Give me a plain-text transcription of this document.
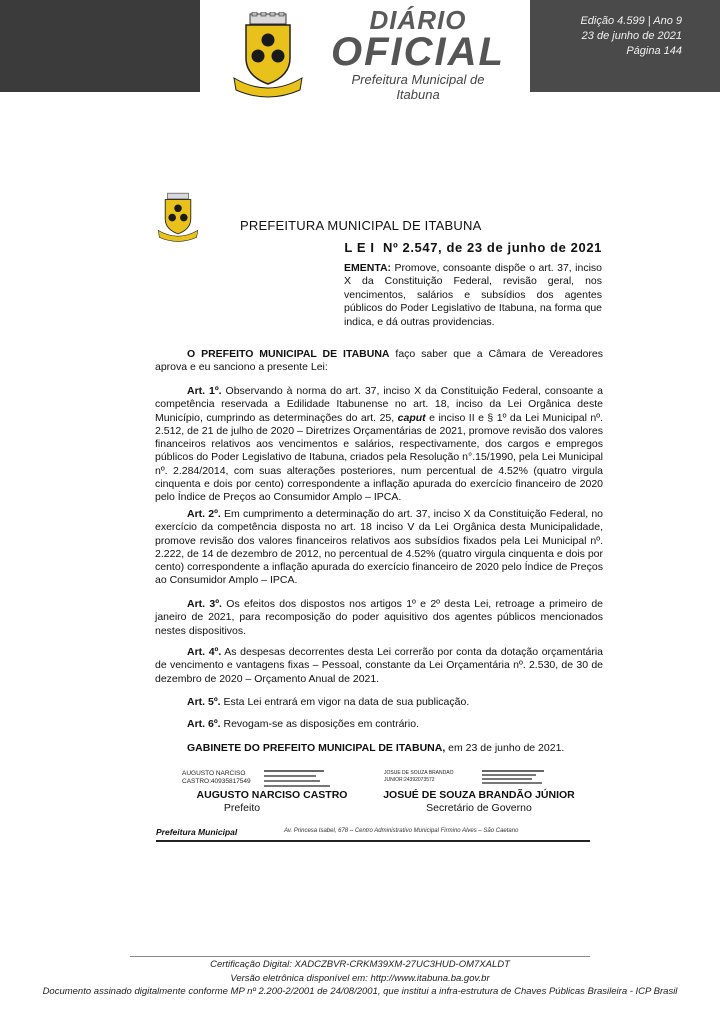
DIÁRIO
OFICIAL
Prefeitura Municipal de
Itabuna
Edição 4.599 | Ano 9
23 de junho de 2021
Página 144
PREFEITURA MUNICIPAL DE ITABUNA
L E I  Nº 2.547, de 23 de junho de 2021
EMENTA: Promove, consoante dispõe o art. 37, inciso X da Constituição Federal, revisão geral, nos vencimentos, salários e subsídios dos agentes públicos do Poder Legislativo de Itabuna, na forma que indica, e dá outras providencias.
O PREFEITO MUNICIPAL DE ITABUNA faço saber que a Câmara de Vereadores aprova e eu sanciono a presente Lei:
Art. 1º. Observando à norma do art. 37, inciso X da Constituição Federal, consoante a competência reservada a Edilidade Itabunense no art. 18, inciso da Lei Orgânica deste Município, cumprindo as determinações do art. 25, caput e inciso II e § 1º da Lei Municipal nº. 2.512, de 21 de julho de 2020 – Diretrizes Orçamentárias de 2021, promove revisão dos valores financeiros relativos aos vencimentos e salários, respectivamente, dos cargos e empregos públicos do Poder Legislativo de Itabuna, criados pela Resolução n°.15/1990, pela Lei Municipal nº. 2.284/2014, com suas alterações posteriores, num percentual de 4.52% (quatro virgula cinquenta e dois por cento) correspondente a inflação apurada do exercício financeiro de 2020 pelo Índice de Preços ao Consumidor Amplo – IPCA.
Art. 2º. Em cumprimento a determinação do art. 37, inciso X da Constituição Federal, no exercício da competência disposta no art. 18 inciso V da Lei Orgânica desta Municipalidade, promove revisão dos valores financeiros relativos aos subsídios fixados pela Lei Municipal nº. 2.222, de 14 de dezembro de 2012, no percentual de 4.52% (quatro virgula cinquenta e dois por cento) correspondente a inflação apurada do exercício financeiro de 2020 pelo Índice de Preços ao Consumidor Amplo – IPCA.
Art. 3º. Os efeitos dos dispostos nos artigos 1º e 2º desta Lei, retroage a primeiro de janeiro de 2021, para recomposição do poder aquisitivo dos agentes públicos mencionados nestes dispositivos.
Art. 4º. As despesas decorrentes desta Lei correrão por conta da dotação orçamentária de vencimento e vantagens fixas – Pessoal, constante da Lei Orçamentária nº. 2.530, de 30 de dezembro de 2020 – Orçamento Anual de 2021.
Art. 5º. Esta Lei entrará em vigor na data de sua publicação.
Art. 6º. Revogam-se as disposições em contrário.
GABINETE DO PREFEITO MUNICIPAL DE ITABUNA, em 23 de junho de 2021.
AUGUSTO NARCISO
CASTRO:40935817549
JOSUE DE SOUZA BRANDAO
JUNIOR:24392073572
AUGUSTO NARCISO CASTRO
Prefeito
JOSUÉ DE SOUZA BRANDÃO JÚNIOR
Secretário de Governo
Prefeitura Municipal	Av. Princesa Isabel, 678 – Centro Administrativo Municipal Firmino Alves – São Caetano
Certificação Digital: XADCZBVR-CRKM39XM-27UC3HUD-OM7XALDT
Versão eletrônica disponível em: http://www.itabuna.ba.gov.br
Documento assinado digitalmente conforme MP nº 2.200-2/2001 de 24/08/2001, que institui a infra-estrutura de Chaves Públicas Brasileira - ICP Brasil
